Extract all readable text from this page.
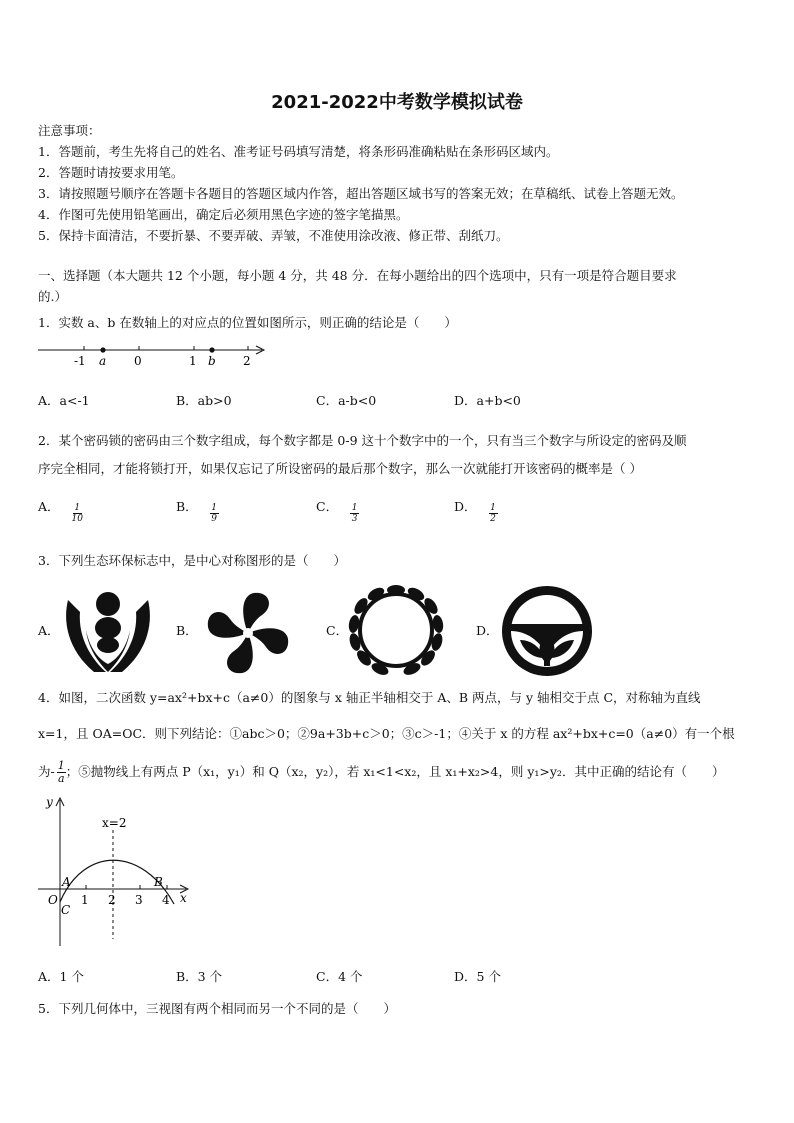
2021-2022中考数学模拟试卷
注意事项：
1．答题前，考生先将自己的姓名、准考证号码填写清楚，将条形码准确粘贴在条形码区域内。
2．答题时请按要求用笔。
3．请按照题号顺序在答题卡各题目的答题区域内作答，超出答题区域书写的答案无效；在草稿纸、试卷上答题无效。
4．作图可先使用铅笔画出，确定后必须用黑色字迹的签字笔描黑。
5．保持卡面清洁，不要折暴、不要弄破、弄皱，不准使用涂改液、修正带、刮纸刀。
一、选择题（本大题共 12 个小题，每小题 4 分，共 48 分．在每小题给出的四个选项中，只有一项是符合题目要求
的.）
1．实数 a、b 在数轴上的对应点的位置如图所示，则正确的结论是（　　）
-1	0	1	2
a	b
A．a<-1	B．ab>0	C．a-b<0	D．a+b<0
2．某个密码锁的密码由三个数字组成，每个数字都是 0-9 这十个数字中的一个，只有当三个数字与所设定的密码及顺
序完全相同，才能将锁打开，如果仅忘记了所设密码的最后那个数字，那么一次就能打开该密码的概率是（ ）
A． $\frac{1}{10}$	B． $\frac{1}{9}$	C． $\frac{1}{3}$	D． $\frac{1}{2}$
3．下列生态环保标志中，是中心对称图形的是（　　）
A．	B．	C．	D．
4．如图，二次函数 y=ax²+bx+c（a≠0）的图象与 x 轴正半轴相交于 A、B 两点，与 y 轴相交于点 C，对称轴为直线
x=1，且 OA=OC．则下列结论：①abc＞0；②9a+3b+c＞0；③c＞-1；④关于 x 的方程 ax²+bx+c=0（a≠0）有一个根
为- $\frac{1}{a}$ ；⑤抛物线上有两点 P（x₁，y₁）和 Q（x₂，y₂），若 x₁<1<x₂，且 x₁+x₂>4，则 y₁>y₂．其中正确的结论有（　　）
y
x
x=2
O
A	B
C
1 2 3 4
A．1 个	B．3 个	C．4 个	D．5 个
5．下列几何体中，三视图有两个相同而另一个不同的是（　　）
